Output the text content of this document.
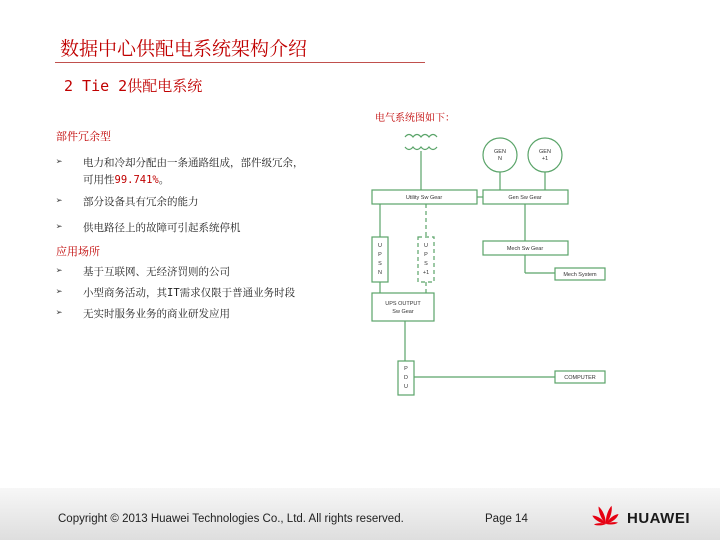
数据中心供配电系统架构介绍
2 Tie 2供配电系统
电气系统图如下：
部件冗余型
➢ 电力和冷却分配由一条通路组成，部件级冗余，
可用性99.741%。
➢ 部分设备具有冗余的能力
➢ 供电路径上的故障可引起系统停机
应用场所
➢ 基于互联网、无经济罚则的公司
➢ 小型商务活动，其IT需求仅限于普通业务时段
➢ 无实时服务业务的商业研发应用
GEN N
GEN +1
Utility Sw Gear	Gen Sw Gear
U P S N
U P S +1
Mech Sw Gear
Mech System
UPS OUTPUT
Sw Gear
P D U
COMPUTER
Copyright © 2013 Huawei Technologies Co., Ltd. All rights reserved.	Page 14	HUAWEI
